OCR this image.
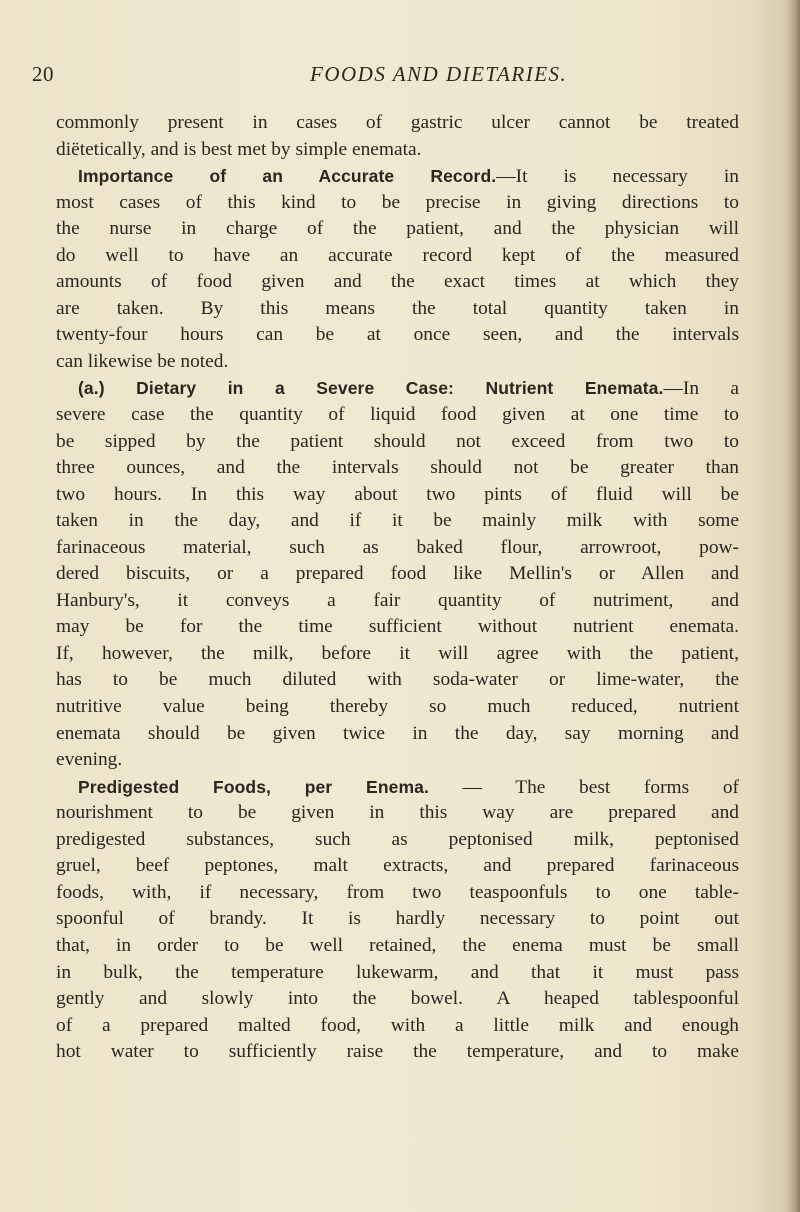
20	FOODS AND DIETARIES.
commonly present in cases of gastric ulcer cannot be treated
diëtetically, and is best met by simple enemata.
Importance of an Accurate Record.—It is necessary in
most cases of this kind to be precise in giving directions to
the nurse in charge of the patient, and the physician will
do well to have an accurate record kept of the measured
amounts of food given and the exact times at which they
are taken. By this means the total quantity taken in
twenty-four hours can be at once seen, and the intervals
can likewise be noted.
(a.) Dietary in a Severe Case: Nutrient Enemata.—In a
severe case the quantity of liquid food given at one time to
be sipped by the patient should not exceed from two to
three ounces, and the intervals should not be greater than
two hours. In this way about two pints of fluid will be
taken in the day, and if it be mainly milk with some
farinaceous material, such as baked flour, arrowroot, pow-
dered biscuits, or a prepared food like Mellin's or Allen and
Hanbury's, it conveys a fair quantity of nutriment, and
may be for the time sufficient without nutrient enemata.
If, however, the milk, before it will agree with the patient,
has to be much diluted with soda-water or lime-water, the
nutritive value being thereby so much reduced, nutrient
enemata should be given twice in the day, say morning and
evening.
Predigested Foods, per Enema. — The best forms of
nourishment to be given in this way are prepared and
predigested substances, such as peptonised milk, peptonised
gruel, beef peptones, malt extracts, and prepared farinaceous
foods, with, if necessary, from two teaspoonfuls to one table-
spoonful of brandy. It is hardly necessary to point out
that, in order to be well retained, the enema must be small
in bulk, the temperature lukewarm, and that it must pass
gently and slowly into the bowel. A heaped tablespoonful
of a prepared malted food, with a little milk and enough
hot water to sufficiently raise the temperature, and to make
